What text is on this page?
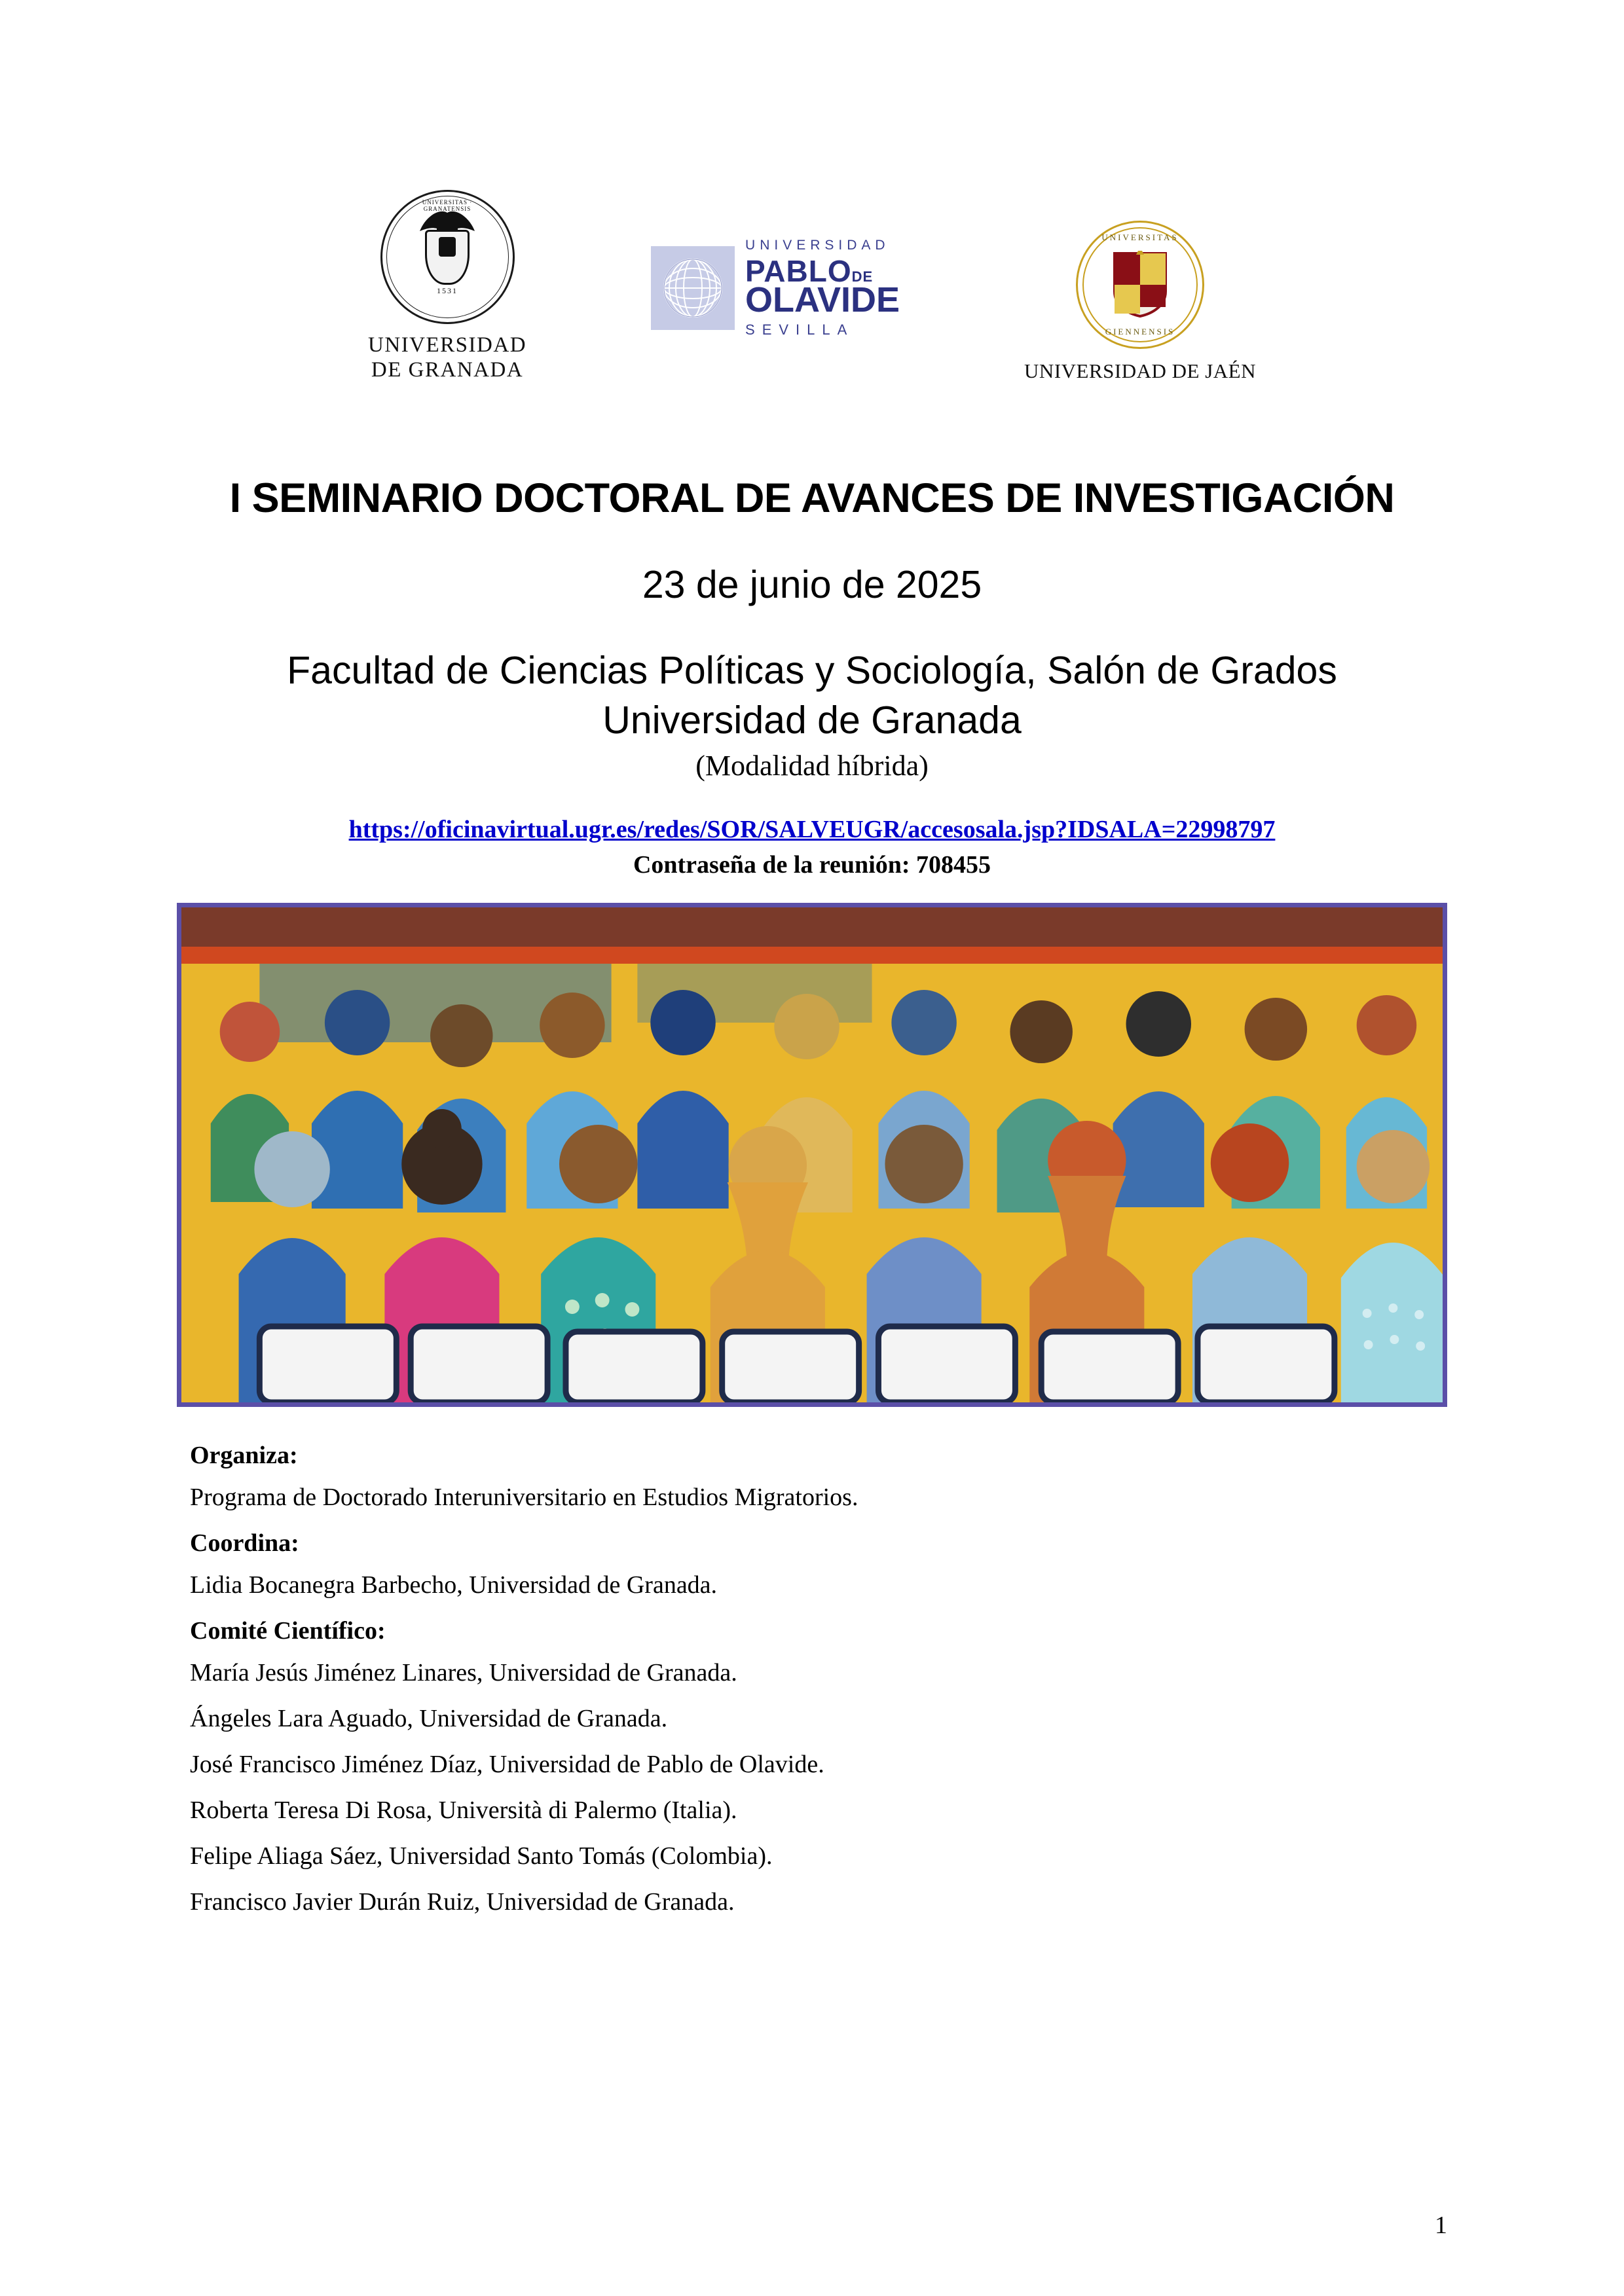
UNIVERSITAS · GRANATENSIS
1531
UNIVERSIDAD
DE GRANADA
UNIVERSIDAD
PABLODE
OLAVIDE
SEVILLA
UNIVERSITAS
GIENNENSIS
UNIVERSIDAD DE JAÉN
I SEMINARIO DOCTORAL DE AVANCES DE INVESTIGACIÓN
23 de junio de 2025
Facultad de Ciencias Políticas y Sociología, Salón de Grados
Universidad de Granada
(Modalidad híbrida)
https://oficinavirtual.ugr.es/redes/SOR/SALVEUGR/accesosala.jsp?IDSALA=22998797
Contraseña de la reunión: 708455
Organiza:
Programa de Doctorado Interuniversitario en Estudios Migratorios.
Coordina:
Lidia Bocanegra Barbecho, Universidad de Granada.
Comité Científico:
María Jesús Jiménez Linares, Universidad de Granada.
Ángeles Lara Aguado, Universidad de Granada.
José Francisco Jiménez Díaz, Universidad de Pablo de Olavide.
Roberta Teresa Di Rosa, Università di Palermo (Italia).
Felipe Aliaga Sáez, Universidad Santo Tomás (Colombia).
Francisco Javier Durán Ruiz, Universidad de Granada.
1
